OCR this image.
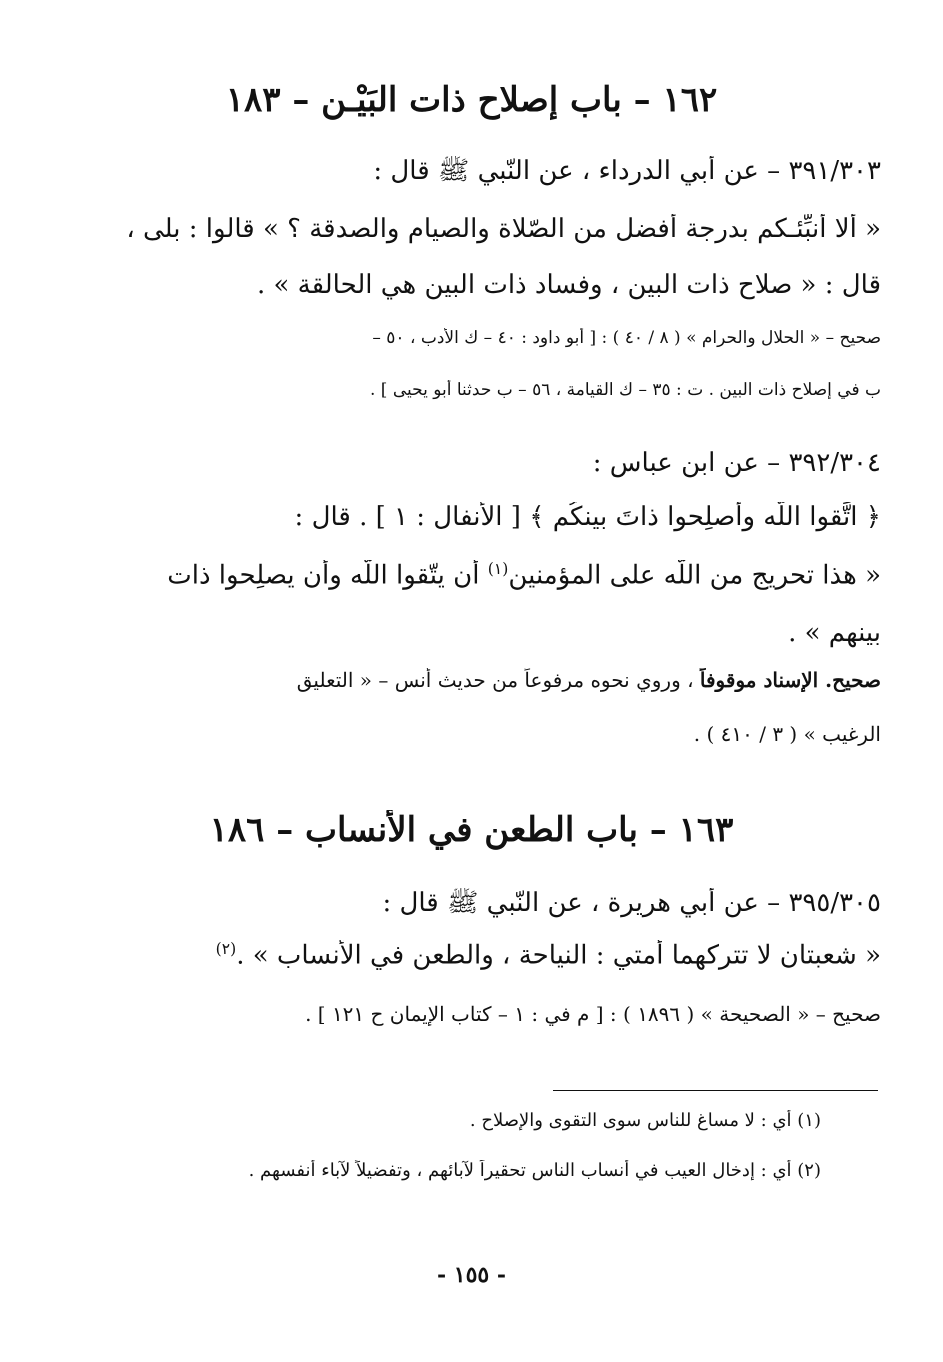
١٦٢ – باب إصلاح ذات البَيْـن – ١٨٣
٣٩١/٣٠٣ – عن أبي الدرداء ، عن النّبي ﷺ قال :
« ألا أُنبِّئـكم بدرجة أفضل من الصّلاة والصيام والصدقة ؟ » قالوا : بلى ،
قال : « صلاح ذات البين ، وفساد ذات البين هي الحالقة » .
صحيح – « الحلال والحرام » ( ٨ / ٤٠ ) : [ أبو داود : ٤٠ – ك الأدب ، ٥٠ –
ب في إصلاح ذات البين . ت : ٣٥ – ك القيامة ، ٥٦ – ب حدثنا أبو يحيى ] .
٣٩٢/٣٠٤ – عن ابن عباس :
﴿ اتَّقوا اللّه وأصلِحوا ذاتَ بينكُم ﴾ [ الأنفال : ١ ] . قال :
« هذا تحريج من اللّه على المؤمنين$^{(١)}$ أن يتّقوا اللّه وأن يصلِحوا ذات
بينهم » .
صحيح. الإسناد موقوفاً ، وروي نحوه مرفوعاً من حديث أنس – « التعليق
الرغيب » ( ٣ / ٤١٠ ) .
١٦٣ – باب الطعن في الأنساب – ١٨٦
٣٩٥/٣٠٥ – عن أبي هريرة ، عن النّبي ﷺ قال :
« شعبتان لا تتركهما أمتي : النياحة ، والطعن في الأنساب » .$^{(٢)}$
صحيح – « الصحيحة » ( ١٨٩٦ ) : [ م في : ١ – كتاب الإيمان ح ١٢١ ] .
(١) أي : لا مساغ للناس سوى التقوى والإصلاح .
(٢) أي : إدخال العيب في أنساب الناس تحقيراً لآبائهم ، وتفضيلاً لآباء أنفسهم .
- ١٥٥ -
